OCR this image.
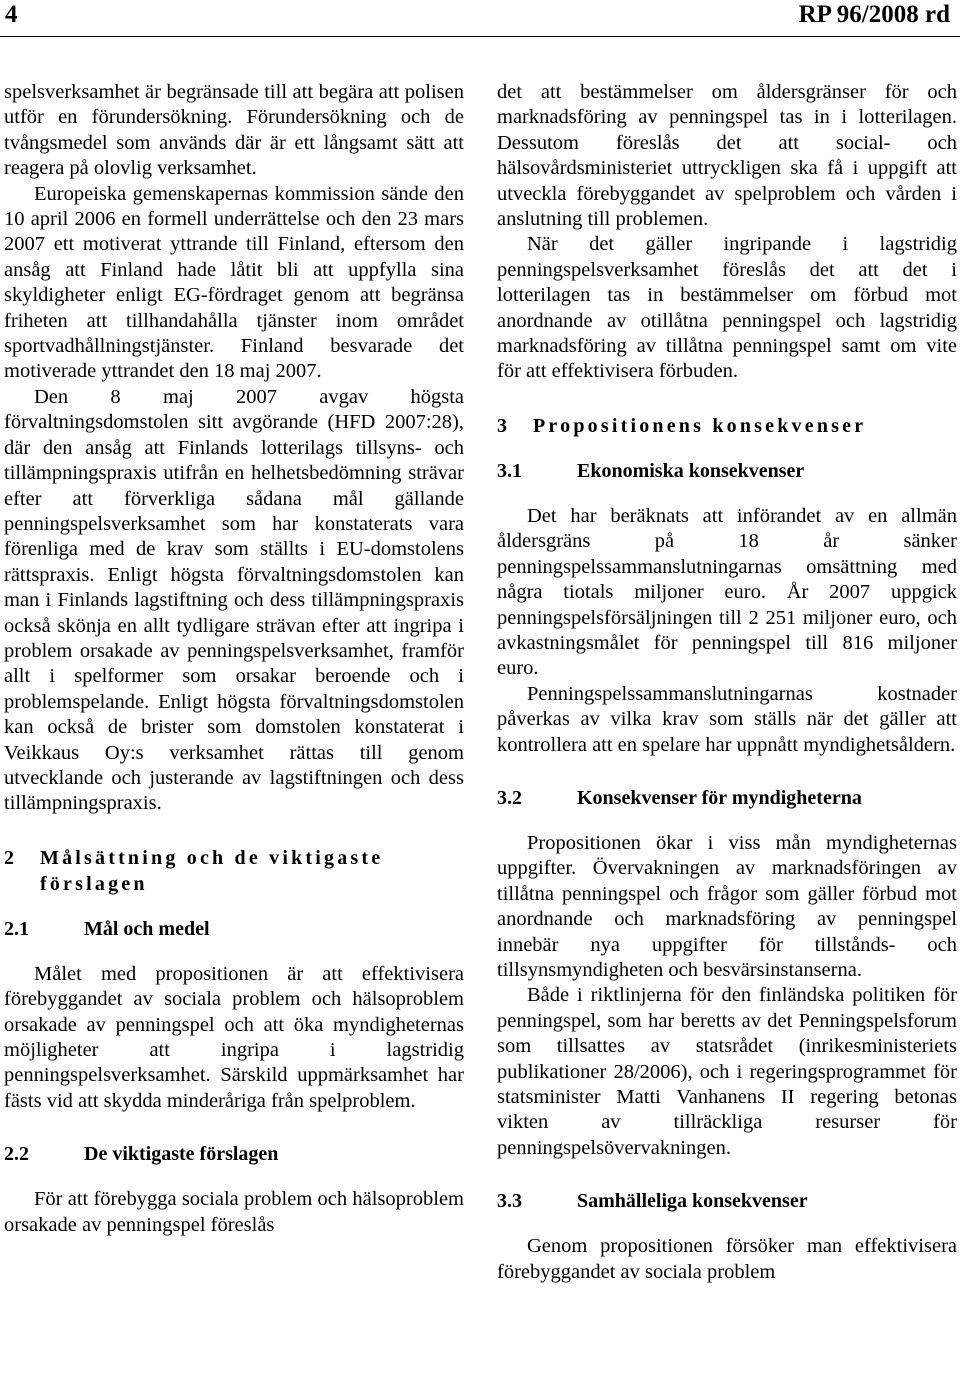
4	RP 96/2008 rd

spelsverksamhet är begränsade till att begära att polisen utför en förundersökning. Förundersökning och de tvångsmedel som används där är ett långsamt sätt att reagera på olovlig verksamhet.

Europeiska gemenskapernas kommission sände den 10 april 2006 en formell underrättelse och den 23 mars 2007 ett motiverat yttrande till Finland, eftersom den ansåg att Finland hade låtit bli att uppfylla sina skyldigheter enligt EG-fördraget genom att begränsa friheten att tillhandahålla tjänster inom området sportvadhållningstjänster. Finland besvarade det motiverade yttrandet den 18 maj 2007.

Den 8 maj 2007 avgav högsta förvaltningsdomstolen sitt avgörande (HFD 2007:28), där den ansåg att Finlands lotterilags tillsyns- och tillämpningspraxis utifrån en helhetsbedömning strävar efter att förverkliga sådana mål gällande penningspelsverksamhet som har konstaterats vara förenliga med de krav som ställts i EU-domstolens rättspraxis. Enligt högsta förvaltningsdomstolen kan man i Finlands lagstiftning och dess tillämpningspraxis också skönja en allt tydligare strävan efter att ingripa i problem orsakade av penningspelsverksamhet, framför allt i spelformer som orsakar beroende och i problemspelande. Enligt högsta förvaltningsdomstolen kan också de brister som domstolen konstaterat i Veikkaus Oy:s verksamhet rättas till genom utvecklande och justerande av lagstiftningen och dess tillämpningspraxis.

2 Målsättning och de viktigaste
förslagen
2.1	Mål och medel

Målet med propositionen är att effektivisera förebyggandet av sociala problem och hälsoproblem orsakade av penningspel och att öka myndigheternas möjligheter att ingripa i lagstridig penningspelsverksamhet. Särskild uppmärksamhet har fästs vid att skydda minderåriga från spelproblem.

2.2	De viktigaste förslagen

För att förebygga sociala problem och hälsoproblem orsakade av penningspel föreslås

det att bestämmelser om åldersgränser för och marknadsföring av penningspel tas in i lotterilagen. Dessutom föreslås det att social- och hälsovårdsministeriet uttryckligen ska få i uppgift att utveckla förebyggandet av spelproblem och vården i anslutning till problemen.

När det gäller ingripande i lagstridig penningspelsverksamhet föreslås det att det i lotterilagen tas in bestämmelser om förbud mot anordnande av otillåtna penningspel och lagstridig marknadsföring av tillåtna penningspel samt om vite för att effektivisera förbuden.

3 Propositionens konsekvenser
3.1	Ekonomiska konsekvenser

Det har beräknats att införandet av en allmän åldersgräns på 18 år sänker penningspelssammanslutningarnas omsättning med några tiotals miljoner euro. År 2007 uppgick penningspelsförsäljningen till 2 251 miljoner euro, och avkastningsmålet för penningspel till 816 miljoner euro.

Penningspelssammanslutningarnas kostnader påverkas av vilka krav som ställs när det gäller att kontrollera att en spelare har uppnått myndighetsåldern.

3.2	Konsekvenser för myndigheterna

Propositionen ökar i viss mån myndigheternas uppgifter. Övervakningen av marknadsföringen av tillåtna penningspel och frågor som gäller förbud mot anordnande och marknadsföring av penningspel innebär nya uppgifter för tillstånds- och tillsynsmyndigheten och besvärsinstanserna.

Både i riktlinjerna för den finländska politiken för penningspel, som har beretts av det Penningspelsforum som tillsattes av statsrådet (inrikesministeriets publikationer 28/2006), och i regeringsprogrammet för statsminister Matti Vanhanens II regering betonas vikten av tillräckliga resurser för penningspelsövervakningen.

3.3	Samhälleliga konsekvenser

Genom propositionen försöker man effektivisera förebyggandet av sociala problem
